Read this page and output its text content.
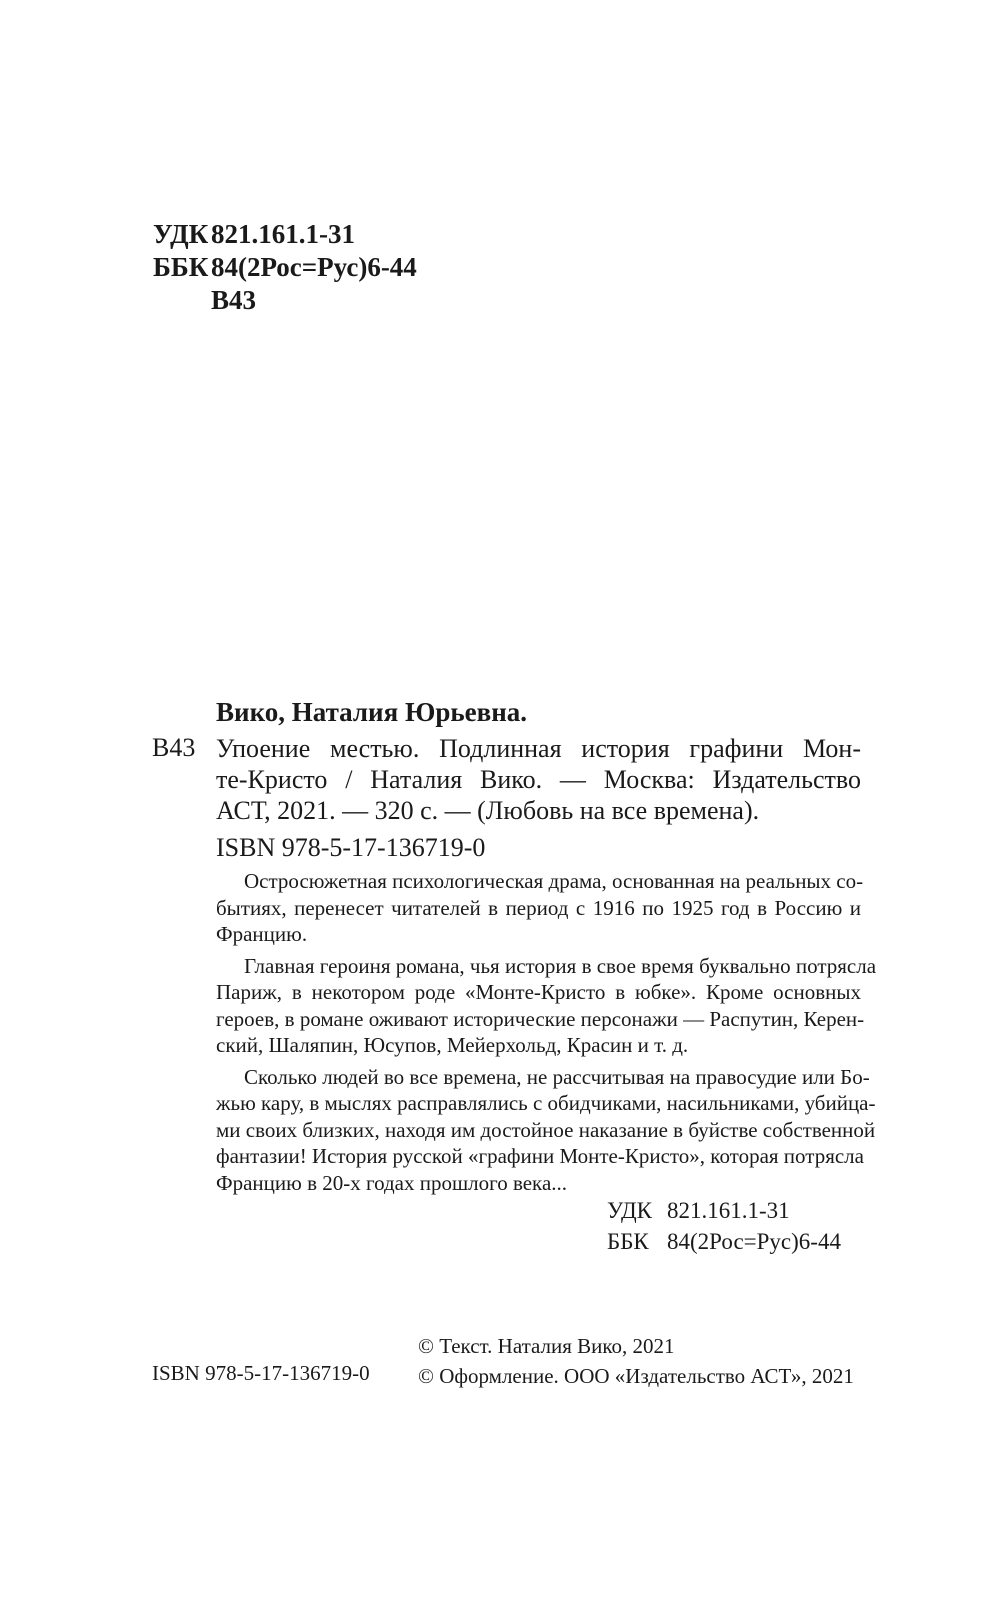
УДК 821.161.1-31
ББК 84(2Рос=Рус)6-44
В43
Вико, Наталия Юрьевна.
В43 Упоение местью. Подлинная история графини Мон-
те-Кристо / Наталия Вико. — Москва: Издательство
АСТ, 2021. — 320 с. — (Любовь на все времена).
ISBN 978-5-17-136719-0
Остросюжетная психологическая драма, основанная на реальных со-
бытиях, перенесет читателей в период с 1916 по 1925 год в Россию и
Францию.
Главная героиня романа, чья история в свое время буквально потрясла
Париж, в некотором роде «Монте-Кристо в юбке». Кроме основных
героев, в романе оживают исторические персонажи — Распутин, Керен-
ский, Шаляпин, Юсупов, Мейерхольд, Красин и т. д.
Сколько людей во все времена, не рассчитывая на правосудие или Бо-
жью кару, в мыслях расправлялись с обидчиками, насильниками, убийца-
ми своих близких, находя им достойное наказание в буйстве собственной
фантазии! История русской «графини Монте-Кристо», которая потрясла
Францию в 20-х годах прошлого века...
УДК 821.161.1-31
ББК 84(2Рос=Рус)6-44
© Текст. Наталия Вико, 2021
© Оформление. ООО «Издательство АСТ», 2021
ISBN 978-5-17-136719-0
